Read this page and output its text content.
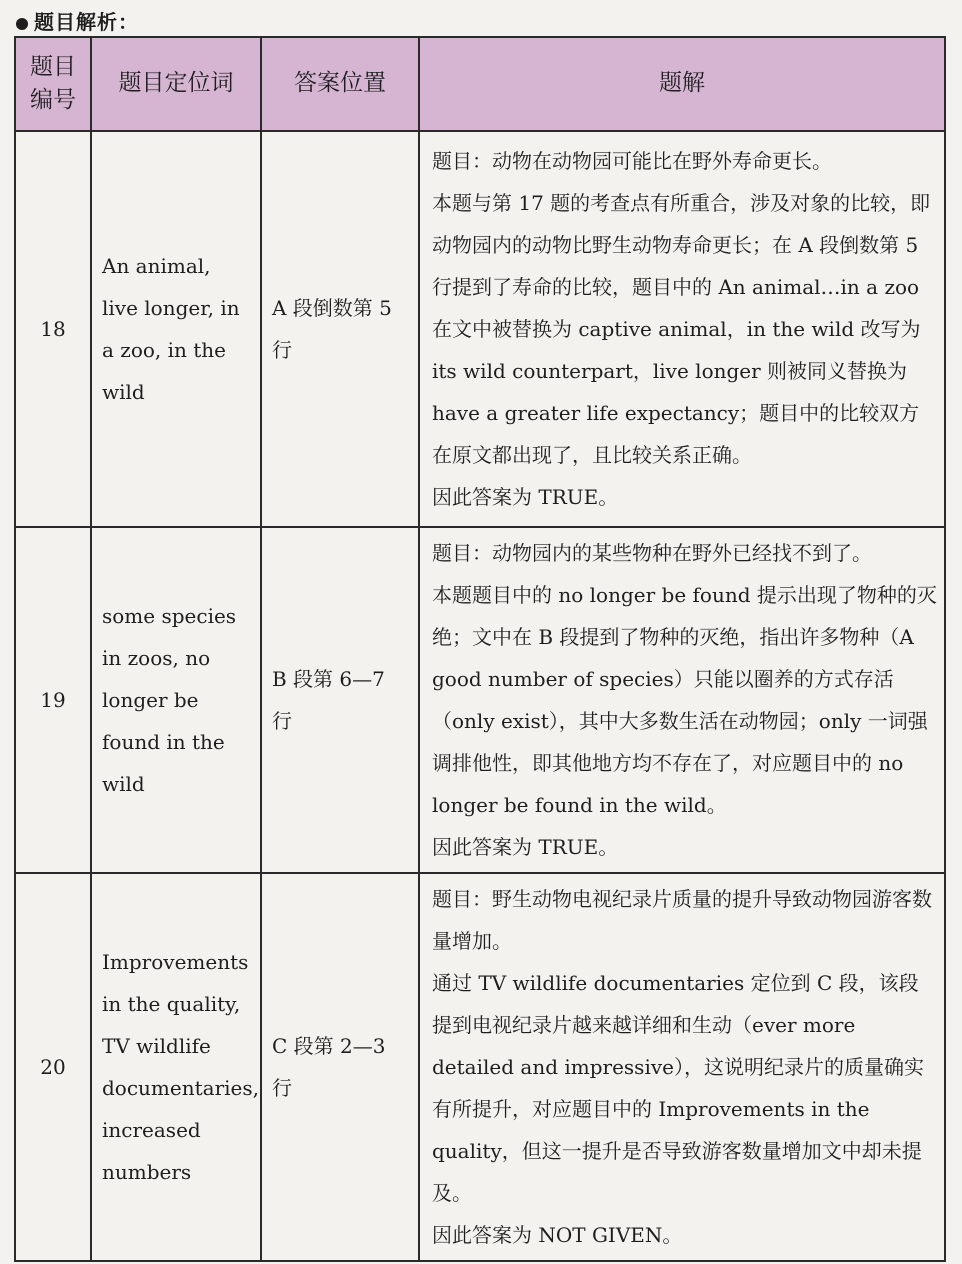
题目解析：
题目编号	题目定位词	答案位置	题解
18	An animal, live longer, in a zoo, in the wild	A 段倒数第 5 行	题目：动物在动物园可能比在野外寿命更长。

本题与第 17 题的考查点有所重合，涉及对象的比较，即动物园内的动物比野生动物寿命更长；在 A 段倒数第 5 行提到了寿命的比较，题目中的 An animal…in a zoo 在文中被替换为 captive animal，in the wild 改写为 its wild counterpart，live longer 则被同义替换为 have a greater life expectancy；题目中的比较双方在原文都出现了，且比较关系正确。

因此答案为 TRUE。

19	some species in zoos, no longer be found in the wild	B 段第 6—7 行	题目：动物园内的某些物种在野外已经找不到了。

本题题目中的 no longer be found 提示出现了物种的灭绝；文中在 B 段提到了物种的灭绝，指出许多物种（A good number of species）只能以圈养的方式存活（only exist），其中大多数生活在动物园；only 一词强调排他性，即其他地方均不存在了，对应题目中的 no longer be found in the wild。

因此答案为 TRUE。

20	Improvements in the quality, TV wildlife documentaries, increased numbers	C 段第 2—3 行	题目：野生动物电视纪录片质量的提升导致动物园游客数量增加。

通过 TV wildlife documentaries 定位到 C 段，该段提到电视纪录片越来越详细和生动（ever more detailed and impressive），这说明纪录片的质量确实有所提升，对应题目中的 Improvements in the quality，但这一提升是否导致游客数量增加文中却未提及。

因此答案为 NOT GIVEN。
